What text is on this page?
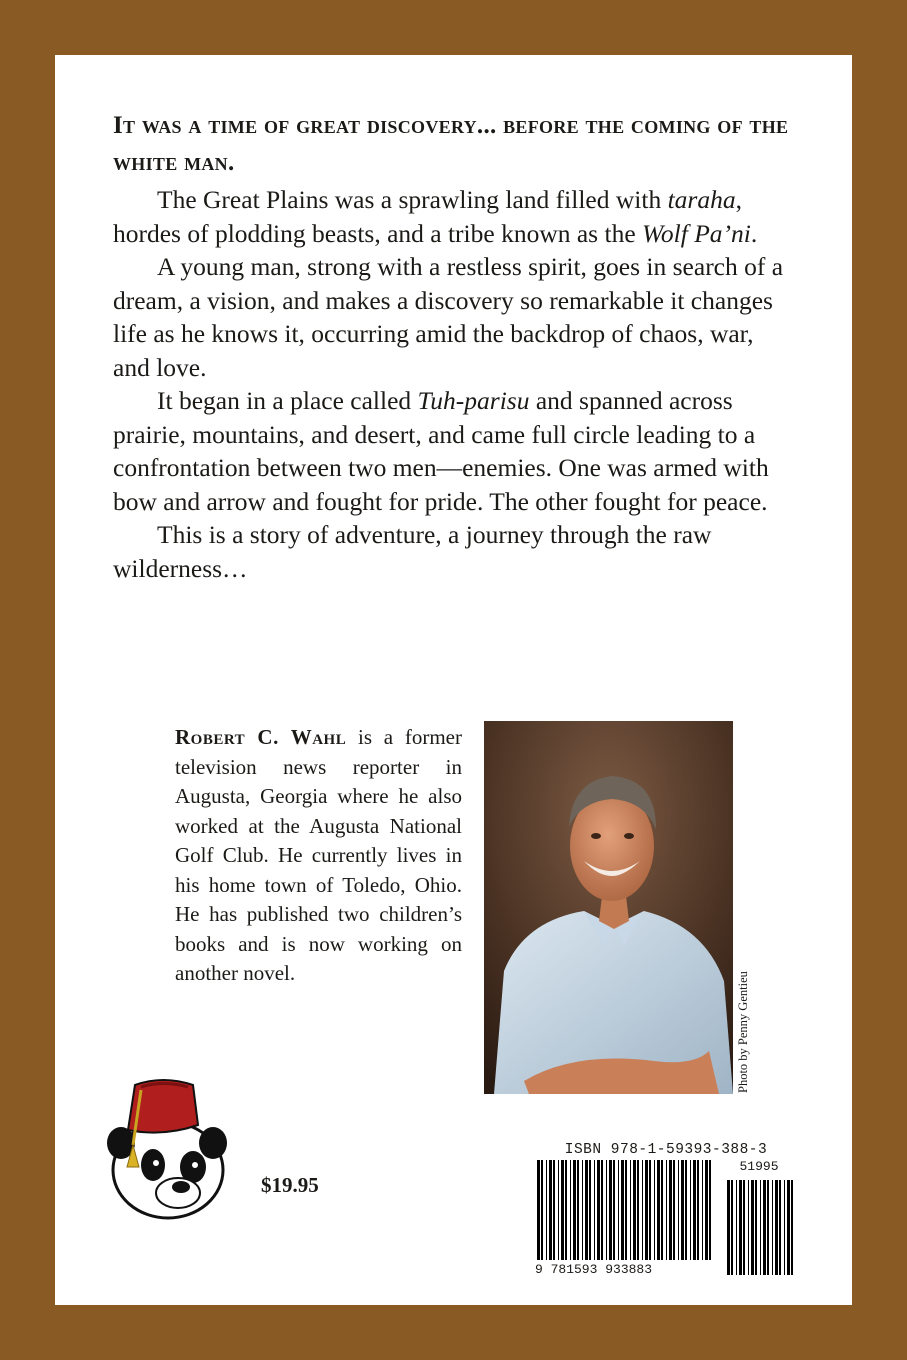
It was a time of great discovery... before the coming of the white man.

The Great Plains was a sprawling land filled with taraha, hordes of plodding beasts, and a tribe known as the Wolf Pa’ni.

A young man, strong with a restless spirit, goes in search of a dream, a vision, and makes a discovery so remarkable it changes life as he knows it, occurring amid the backdrop of chaos, war, and love.

It began in a place called Tuh-parisu and spanned across prairie, mountains, and desert, and came full circle leading to a confrontation between two men—enemies. One was armed with bow and arrow and fought for pride. The other fought for peace.

This is a story of adventure, a journey through the raw wilderness…

Robert C. Wahl is a former television news reporter in Augusta, Georgia where he also worked at the Augusta National Golf Club. He currently lives in his home town of Toledo, Ohio. He has published two children’s books and is now working on another novel.	Photo by Penny Gentieu
$19.95
ISBN 978-1-59393-388-3
9 781593 933883
51995
